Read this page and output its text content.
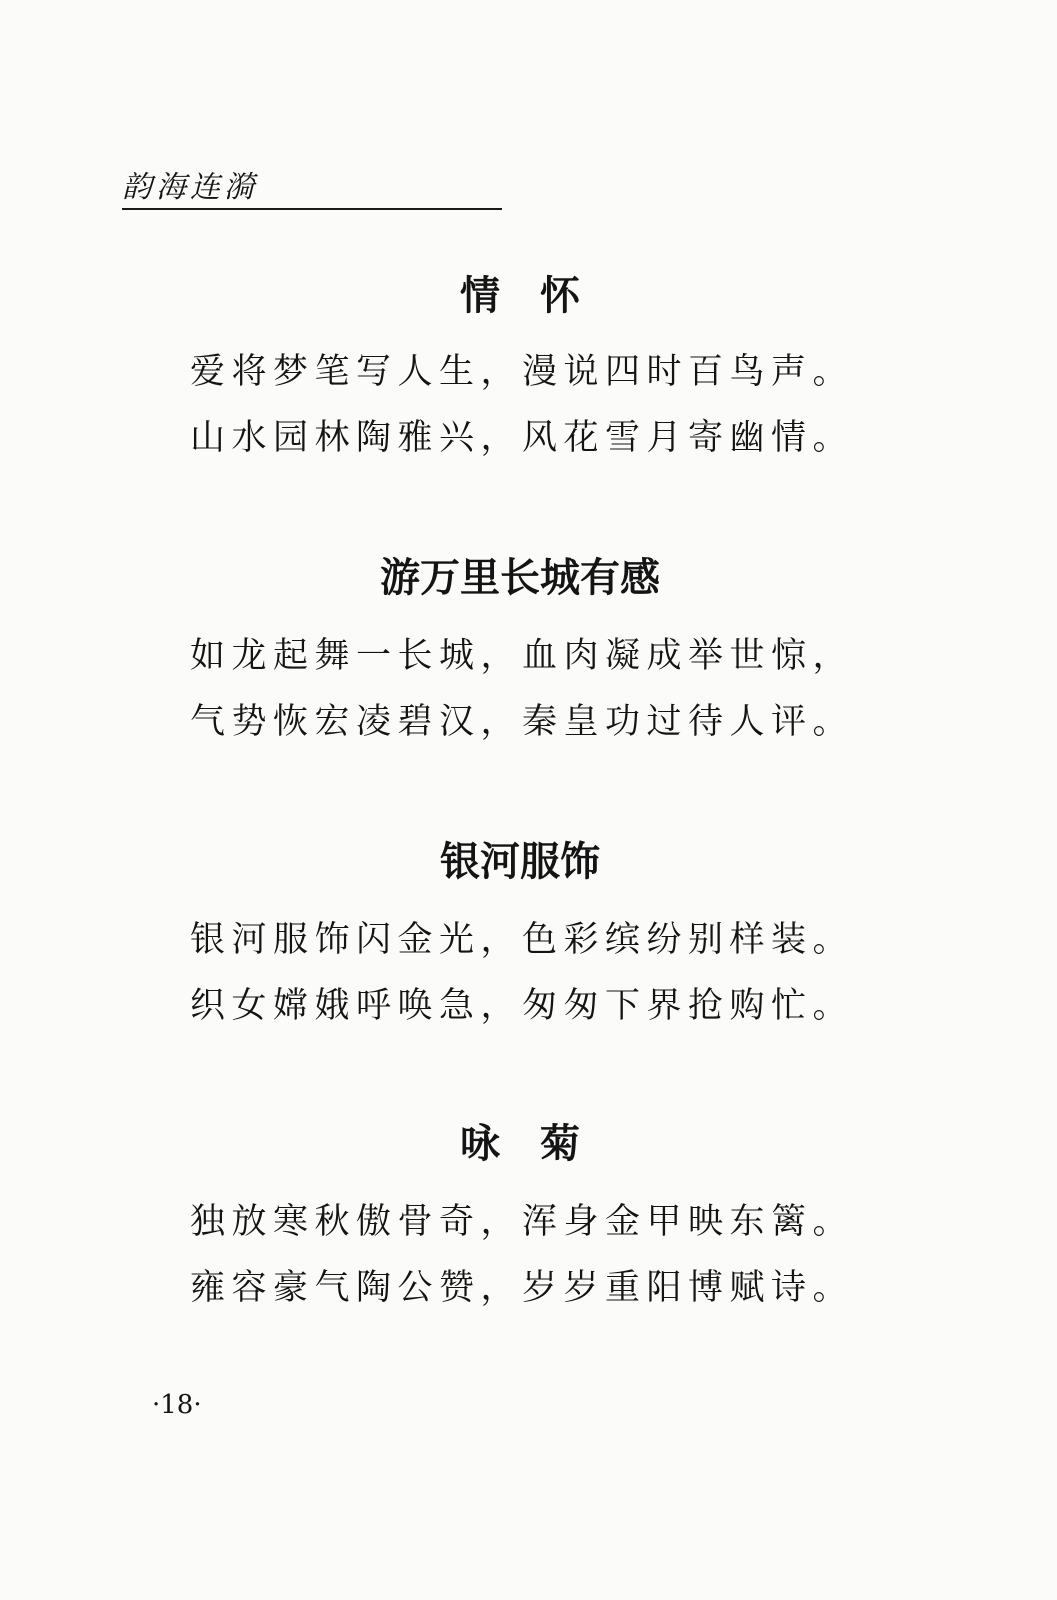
韵海连漪
情　怀
爱将梦笔写人生，漫说四时百鸟声。
山水园林陶雅兴，风花雪月寄幽情。
游万里长城有感
如龙起舞一长城，血肉凝成举世惊，
气势恢宏凌碧汉，秦皇功过待人评。
银河服饰
银河服饰闪金光，色彩缤纷别样装。
织女嫦娥呼唤急，匆匆下界抢购忙。
咏　菊
独放寒秋傲骨奇，浑身金甲映东篱。
雍容豪气陶公赞，岁岁重阳博赋诗。
·18·
